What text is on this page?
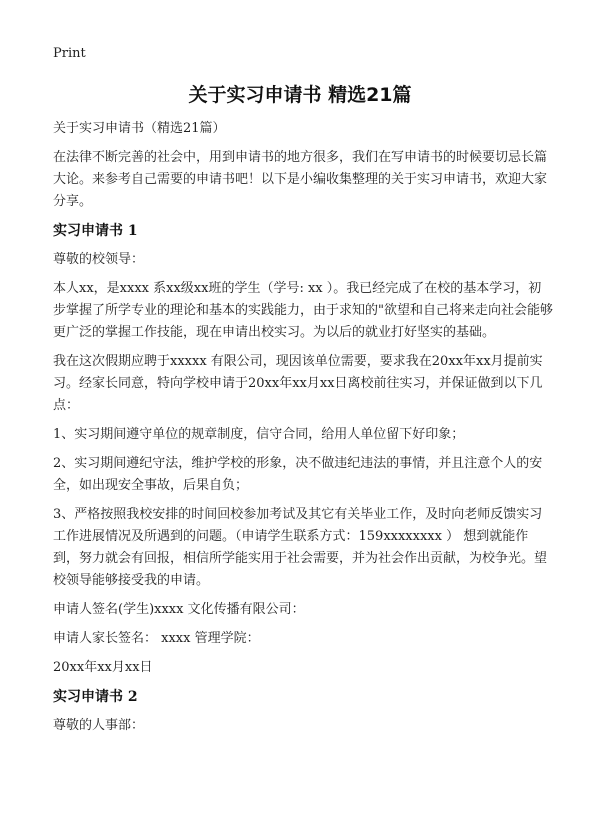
Print
关于实习申请书 精选21篇

关于实习申请书（精选21篇）

在法律不断完善的社会中，用到申请书的地方很多，我们在写申请书的时候要切忌长篇大论。来参考自己需要的申请书吧！以下是小编收集整理的关于实习申请书，欢迎大家分享。

实习申请书 1

尊敬的校领导：

本人xx，是xxxx 系xx级xx班的学生（学号: xx ）。我已经完成了在校的基本学习，初步掌握了所学专业的理论和基本的实践能力，由于求知的"欲望和自己将来走向社会能够更广泛的掌握工作技能，现在申请出校实习。为以后的就业打好坚实的基础。

我在这次假期应聘于xxxxx 有限公司，现因该单位需要，要求我在20xx年xx月提前实习。经家长同意，特向学校申请于20xx年xx月xx日离校前往实习，并保证做到以下几点：

1、实习期间遵守单位的规章制度，信守合同，给用人单位留下好印象；

2、实习期间遵纪守法，维护学校的形象，决不做违纪违法的事情，并且注意个人的安全，如出现安全事故，后果自负；

3、严格按照我校安排的时间回校参加考试及其它有关毕业工作，及时向老师反馈实习工作进展情况及所遇到的问题。（申请学生联系方式：159xxxxxxxx ） 想到就能作到，努力就会有回报，相信所学能实用于社会需要，并为社会作出贡献，为校争光。望校领导能够接受我的申请。

申请人签名(学生)xxxx 文化传播有限公司：

申请人家长签名： xxxx 管理学院：

20xx年xx月xx日

实习申请书 2

尊敬的人事部：
